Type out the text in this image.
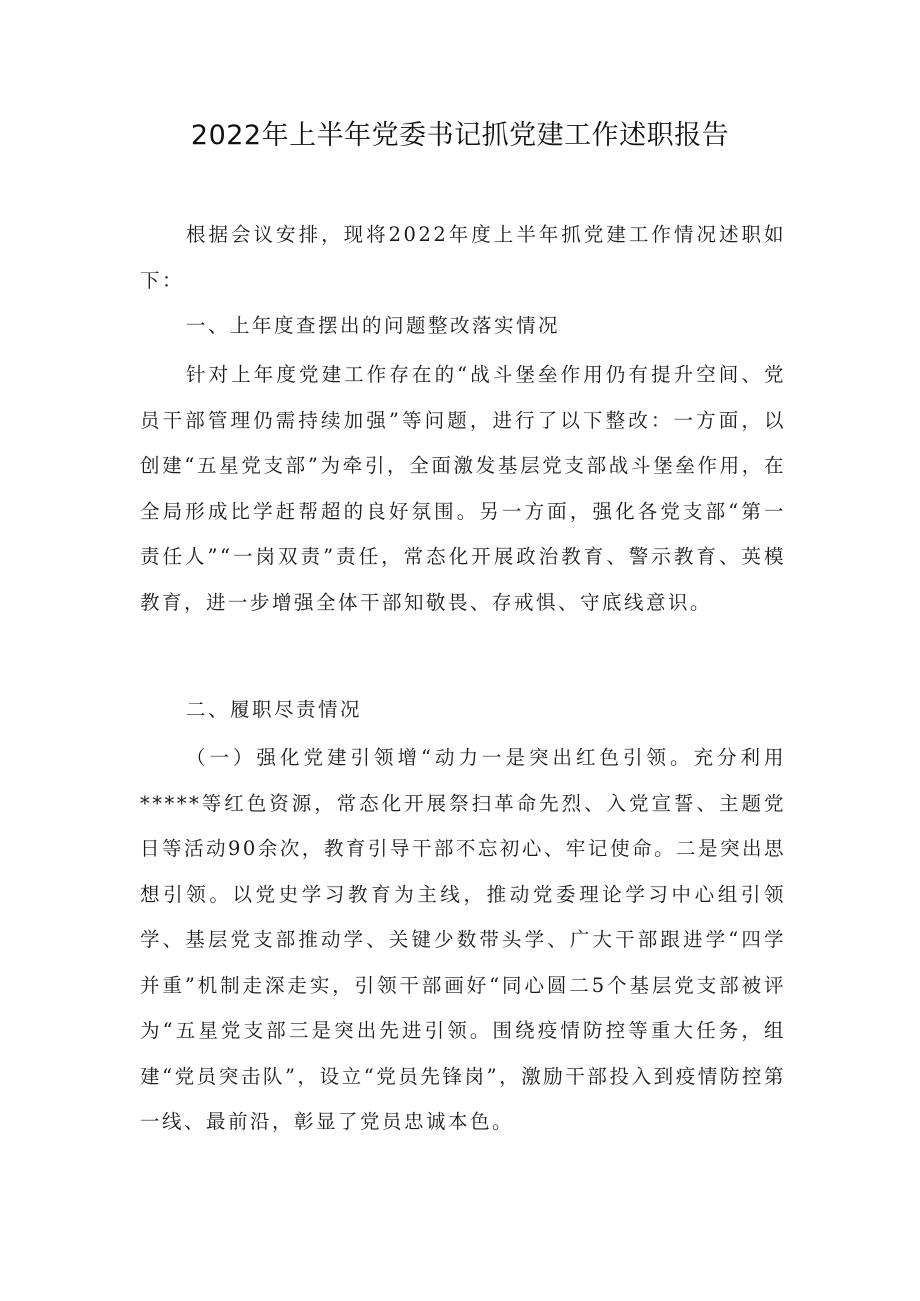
2022年上半年党委书记抓党建工作述职报告

根据会议安排，现将2022年度上半年抓党建工作情况述职如下：

一、上年度查摆出的问题整改落实情况

针对上年度党建工作存在的“战斗堡垒作用仍有提升空间、党员干部管理仍需持续加强”等问题，进行了以下整改：一方面，以创建“五星党支部”为牵引，全面激发基层党支部战斗堡垒作用，在全局形成比学赶帮超的良好氛围。另一方面，强化各党支部“第一责任人”“一岗双责”责任，常态化开展政治教育、警示教育、英模教育，进一步增强全体干部知敬畏、存戒惧、守底线意识。

二、履职尽责情况

（一）强化党建引领增“动力一是突出红色引领。充分利用*****等红色资源，常态化开展祭扫革命先烈、入党宣誓、主题党日等活动90余次，教育引导干部不忘初心、牢记使命。二是突出思想引领。以党史学习教育为主线，推动党委理论学习中心组引领学、基层党支部推动学、关键少数带头学、广大干部跟进学“四学并重”机制走深走实，引领干部画好“同心圆二5个基层党支部被评为“五星党支部三是突出先进引领。围绕疫情防控等重大任务，组建“党员突击队”，设立“党员先锋岗”，激励干部投入到疫情防控第一线、最前沿，彰显了党员忠诚本色。
